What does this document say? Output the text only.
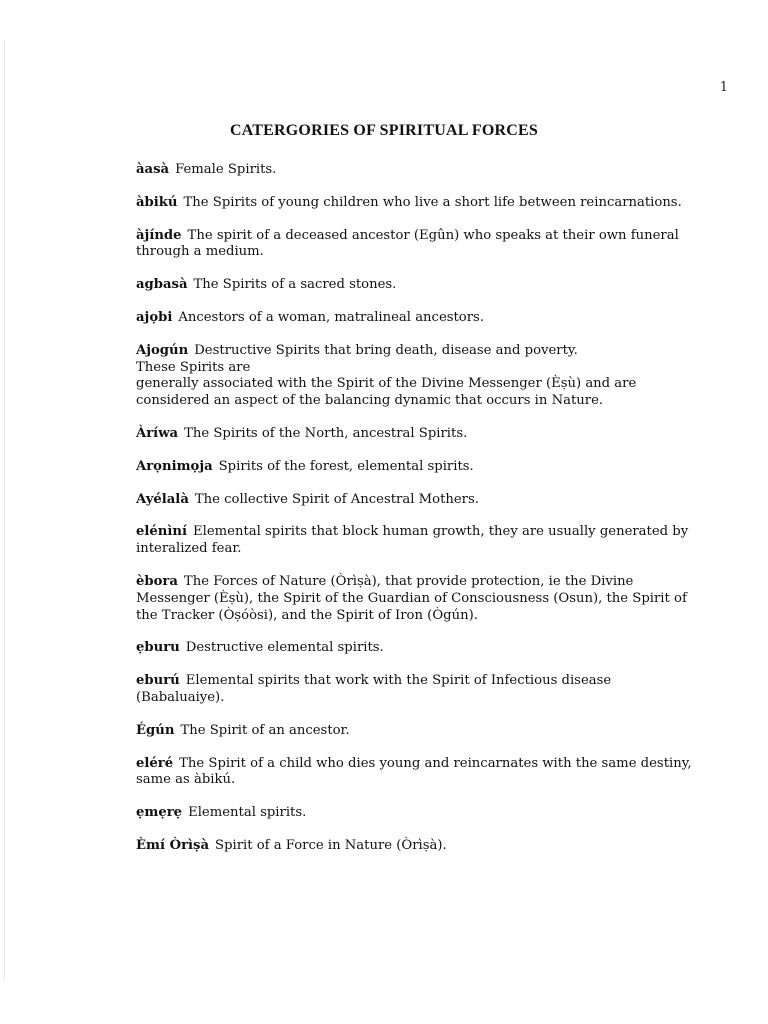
1
CATERGORIES OF SPIRITUAL FORCES

àasà Female Spirits.

àbikú The Spirits of young children who live a short life between reincarnations.

àjínde The spirit of a deceased ancestor (Egûn) who speaks at their own funeral through a medium.

agbasà The Spirits of a sacred stones.

ajọbi Ancestors of a woman, matralineal ancestors.

Ajogún Destructive Spirits that bring death, disease and poverty.
These Spirits are
generally associated with the Spirit of the Divine Messenger (Èṣù) and are considered an aspect of the balancing dynamic that occurs in Nature.

Àríwa The Spirits of the North, ancestral Spirits.

Arọnimọja Spirits of the forest, elemental spirits.

Ayélalà The collective Spirit of Ancestral Mothers.

elénìní Elemental spirits that block human growth, they are usually generated by interalized fear.

èbora The Forces of Nature (Òrìṣà), that provide protection, ie the Divine Messenger (Èṣù), the Spirit of the Guardian of Consciousness (Osun), the Spirit of the Tracker (Òṣóòsi), and the Spirit of Iron (Ògún).

ẹburu Destructive elemental spirits.

eburú Elemental spirits that work with the Spirit of Infectious disease (Babaluaiye).

Égún The Spirit of an ancestor.

eléré The Spirit of a child who dies young and reincarnates with the same destiny, same as àbikú.

ẹmẹrẹ Elemental spirits.

Èmí Òrìṣà Spirit of a Force in Nature (Òrìṣà).
